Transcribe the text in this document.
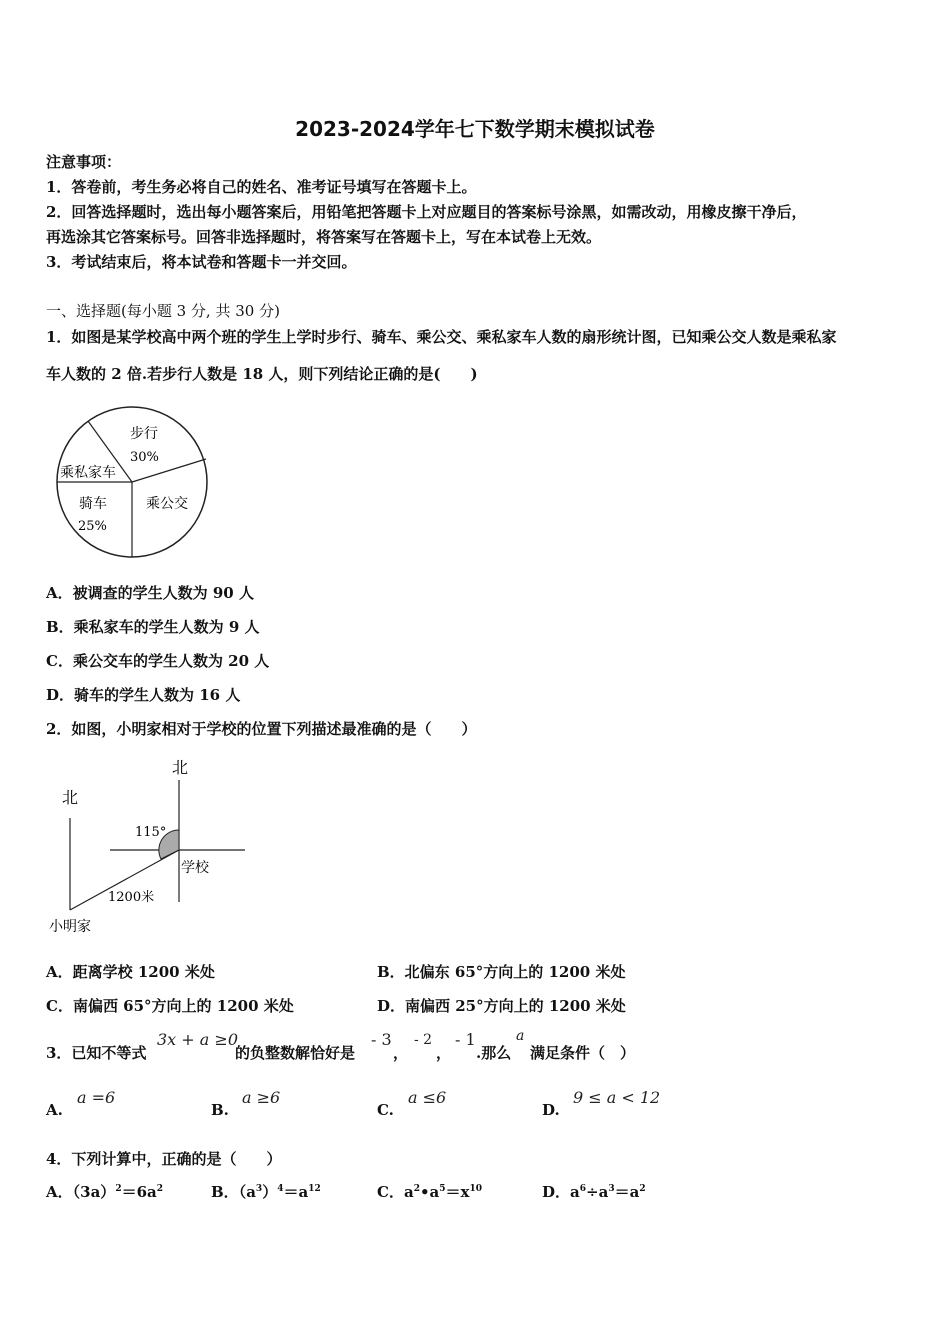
2023-2024学年七下数学期末模拟试卷
注意事项：
1．答卷前，考生务必将自己的姓名、准考证号填写在答题卡上。
2．回答选择题时，选出每小题答案后，用铅笔把答题卡上对应题目的答案标号涂黑，如需改动，用橡皮擦干净后，
再选涂其它答案标号。回答非选择题时，将答案写在答题卡上，写在本试卷上无效。
3．考试结束后，将本试卷和答题卡一并交回。
一、选择题(每小题 3 分, 共 30 分)
1．如图是某学校高中两个班的学生上学时步行、骑车、乘公交、乘私家车人数的扇形统计图，已知乘公交人数是乘私家
车人数的 2 倍.若步行人数是 18 人，则下列结论正确的是(　　)
步行
30%
乘私家车
骑车
25%
乘公交
A．被调查的学生人数为 90 人
B．乘私家车的学生人数为 9 人
C．乘公交车的学生人数为 20 人
D．骑车的学生人数为 16 人
2．如图，小明家相对于学校的位置下列描述最准确的是（　　）
北
北
115°
学校
1200米
小明家
A．距离学校 1200 米处	B．北偏东 65°方向上的 1200 米处
C．南偏西 65°方向上的 1200 米处	D．南偏西 25°方向上的 1200 米处
3．已知不等式
3x + a ≥0
的负整数解恰好是
- 3
，
- 2
，
- 1
.那么
a
满足条件（　）
A.
a =6
B.
a ≥6
C.
a ≤6
D.
9 ≤ a < 12
4．下列计算中，正确的是（　　）
A．$(3a)^2=6a^2$	B．$(a^3)^4=a^{12}$	C．$a^2•a^5=x^{10}$	D．$a^6\div a^3=a^2$
